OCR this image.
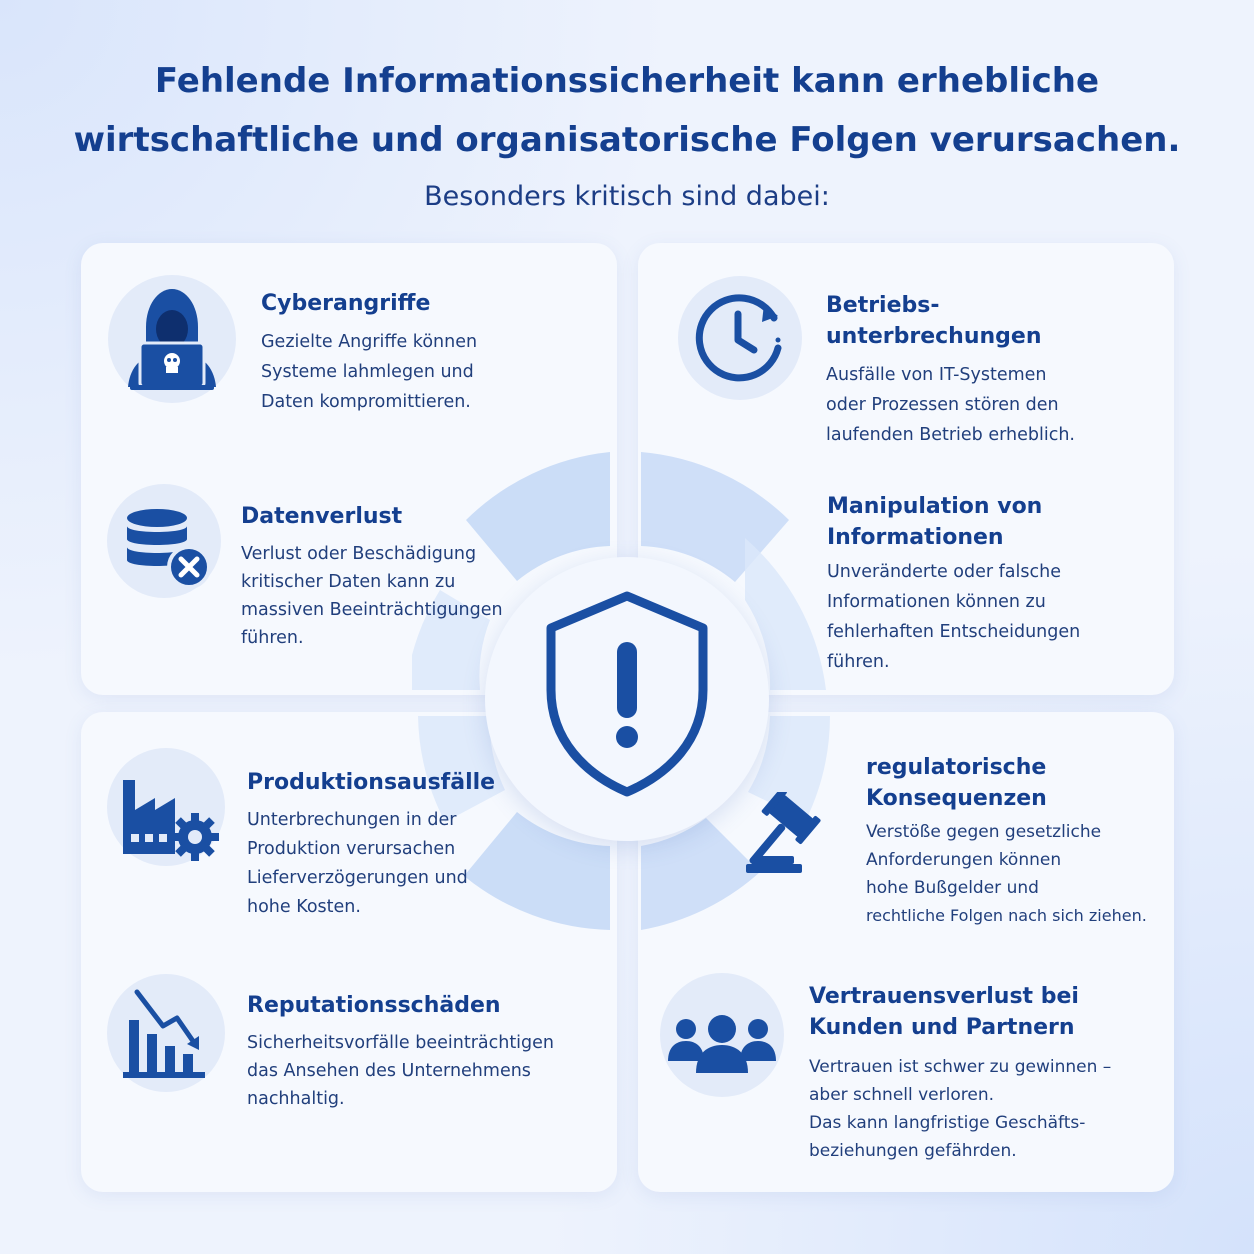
Fehlende Informationssicherheit kann erhebliche
wirtschaftliche und organisatorische Folgen verursachen.

Besonders kritisch sind dabei:

Cyberangriffe

Gezielte Angriffe können
Systeme lahmlegen und
Daten kompromittieren.

Betriebs-
unterbrechungen

Ausfälle von IT-Systemen
oder Prozessen stören den
laufenden Betrieb erheblich.

Datenverlust

Verlust oder Beschädigung
kritischer Daten kann zu
massiven Beeinträchtigungen
führen.

Manipulation von
Informationen

Unveränderte oder falsche
Informationen können zu
fehlerhaften Entscheidungen
führen.

Produktionsausfälle

Unterbrechungen in der
Produktion verursachen
Lieferverzögerungen und
hohe Kosten.

regulatorische
Konsequenzen

Verstöße gegen gesetzliche
Anforderungen können
hohe Bußgelder und
rechtliche Folgen nach sich ziehen.

Reputationsschäden

Sicherheitsvorfälle beeinträchtigen
das Ansehen des Unternehmens
nachhaltig.

Vertrauensverlust bei
Kunden und Partnern

Vertrauen ist schwer zu gewinnen –
aber schnell verloren.
Das kann langfristige Geschäfts-
beziehungen gefährden.
